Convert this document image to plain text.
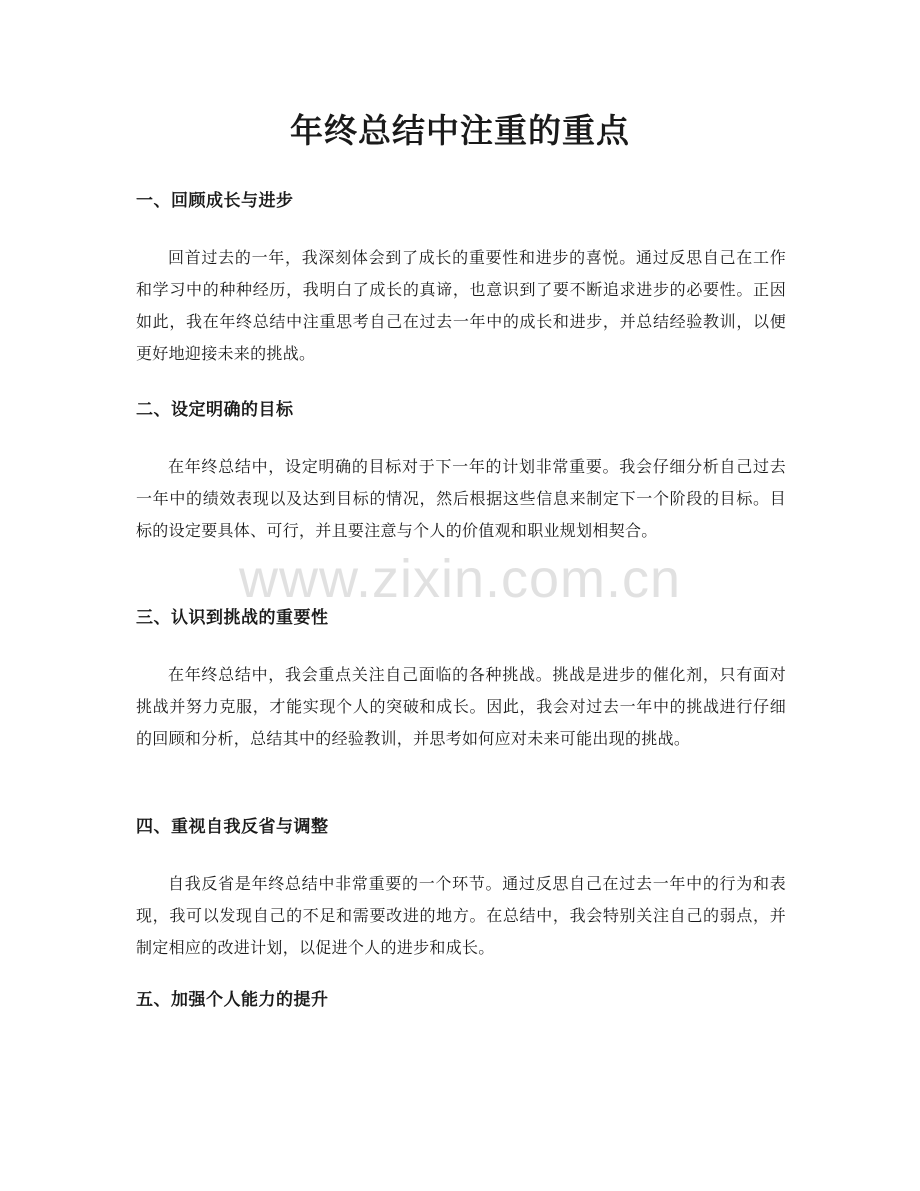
年终总结中注重的重点
一、回顾成长与进步

回首过去的一年，我深刻体会到了成长的重要性和进步的喜悦。通过反思自己在工作和学习中的种种经历，我明白了成长的真谛，也意识到了要不断追求进步的必要性。正因如此，我在年终总结中注重思考自己在过去一年中的成长和进步，并总结经验教训，以便更好地迎接未来的挑战。

二、设定明确的目标

在年终总结中，设定明确的目标对于下一年的计划非常重要。我会仔细分析自己过去一年中的绩效表现以及达到目标的情况，然后根据这些信息来制定下一个阶段的目标。目标的设定要具体、可行，并且要注意与个人的价值观和职业规划相契合。

三、认识到挑战的重要性

在年终总结中，我会重点关注自己面临的各种挑战。挑战是进步的催化剂，只有面对挑战并努力克服，才能实现个人的突破和成长。因此，我会对过去一年中的挑战进行仔细的回顾和分析，总结其中的经验教训，并思考如何应对未来可能出现的挑战。

四、重视自我反省与调整

自我反省是年终总结中非常重要的一个环节。通过反思自己在过去一年中的行为和表现，我可以发现自己的不足和需要改进的地方。在总结中，我会特别关注自己的弱点，并制定相应的改进计划，以促进个人的进步和成长。

五、加强个人能力的提升
www.zixin.com.cn
